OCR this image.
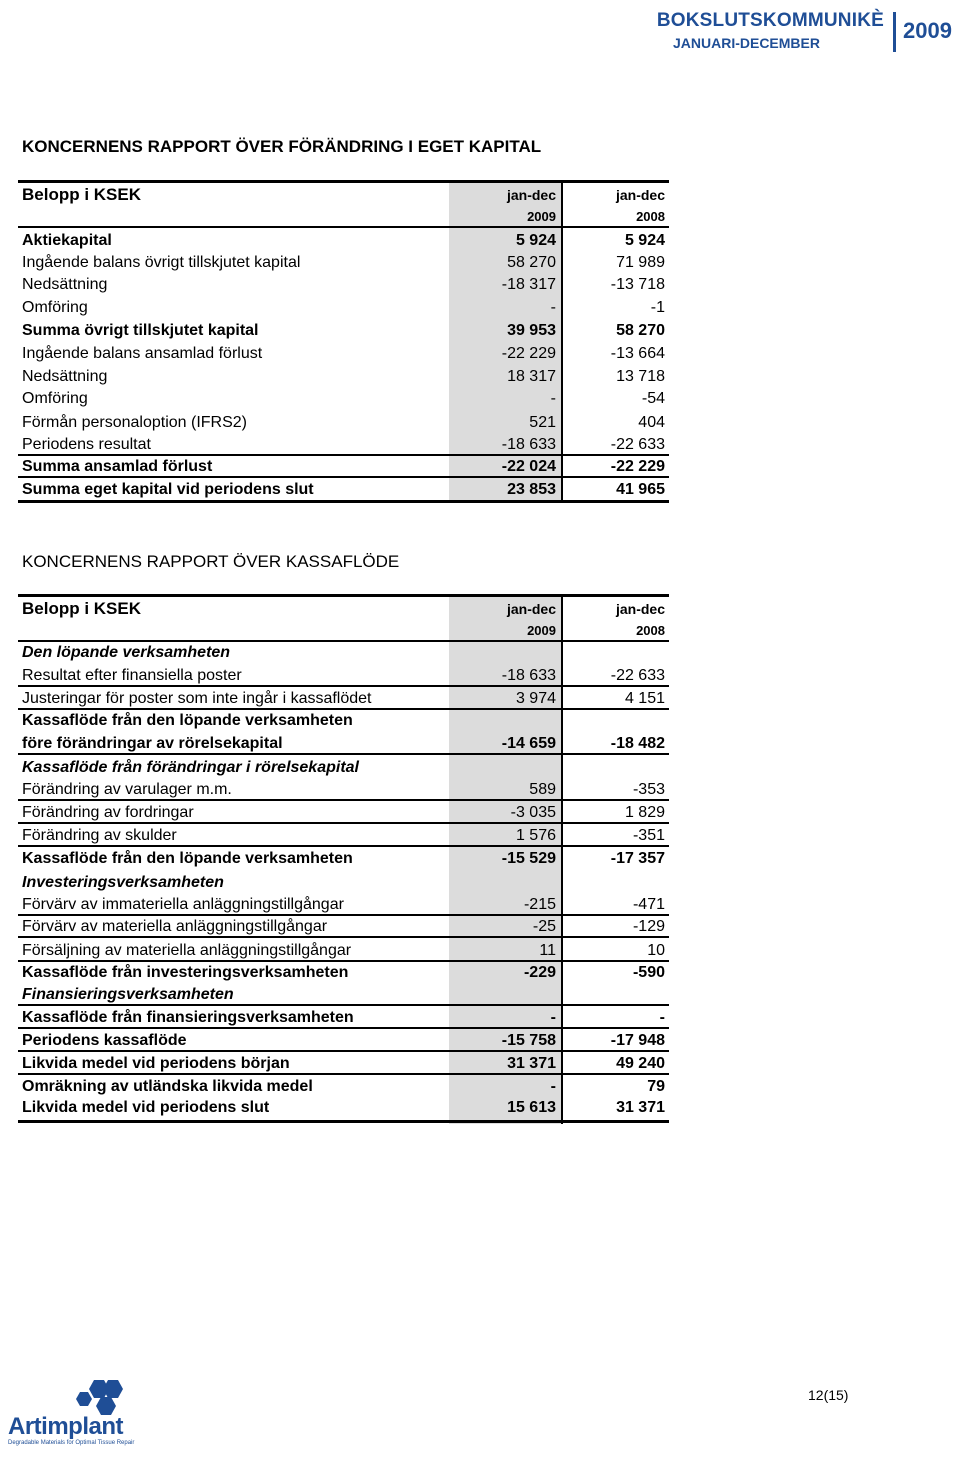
BOKSLUTSKOMMUNIKÈ
JANUARI-DECEMBER	2009
KONCERNENS RAPPORT ÖVER FÖRÄNDRING I EGET KAPITAL
Belopp i KSEK	jan-dec	jan-dec
2009	2008
Aktiekapital	5 924	5 924
Ingående balans övrigt tillskjutet kapital	58 270	71 989
Nedsättning	-18 317	-13 718
Omföring	-	-1
Summa övrigt tillskjutet kapital	39 953	58 270
Ingående balans ansamlad förlust	-22 229	-13 664
Nedsättning	18 317	13 718
Omföring	-	-54
Förmån personaloption (IFRS2)	521	404
Periodens resultat	-18 633	-22 633
Summa ansamlad förlust	-22 024	-22 229
Summa eget kapital vid periodens slut	23 853	41 965
KONCERNENS RAPPORT ÖVER KASSAFLÖDE
Belopp i KSEK	jan-dec	jan-dec
2009	2008
Den löpande verksamheten
Resultat efter finansiella poster	-18 633	-22 633
Justeringar för poster som inte ingår i kassaflödet	3 974	4 151
Kassaflöde från den löpande verksamheten
före förändringar av rörelsekapital	-14 659	-18 482
Kassaflöde från förändringar i rörelsekapital
Förändring av varulager m.m.	589	-353
Förändring av fordringar	-3 035	1 829
Förändring av skulder	1 576	-351
Kassaflöde från den löpande verksamheten	-15 529	-17 357
Investeringsverksamheten
Förvärv av immateriella anläggningstillgångar	-215	-471
Förvärv av materiella anläggningstillgångar	-25	-129
Försäljning av materiella anläggningstillgångar	11	10
Kassaflöde från investeringsverksamheten	-229	-590
Finansieringsverksamheten
Kassaflöde från finansieringsverksamheten	-	-
Periodens kassaflöde	-15 758	-17 948
Likvida medel vid periodens början	31 371	49 240
Omräkning av utländska likvida medel	-	79
Likvida medel vid periodens slut	15 613	31 371
Artimplant
Degradable Materials for Optimal Tissue Repair
12(15)
